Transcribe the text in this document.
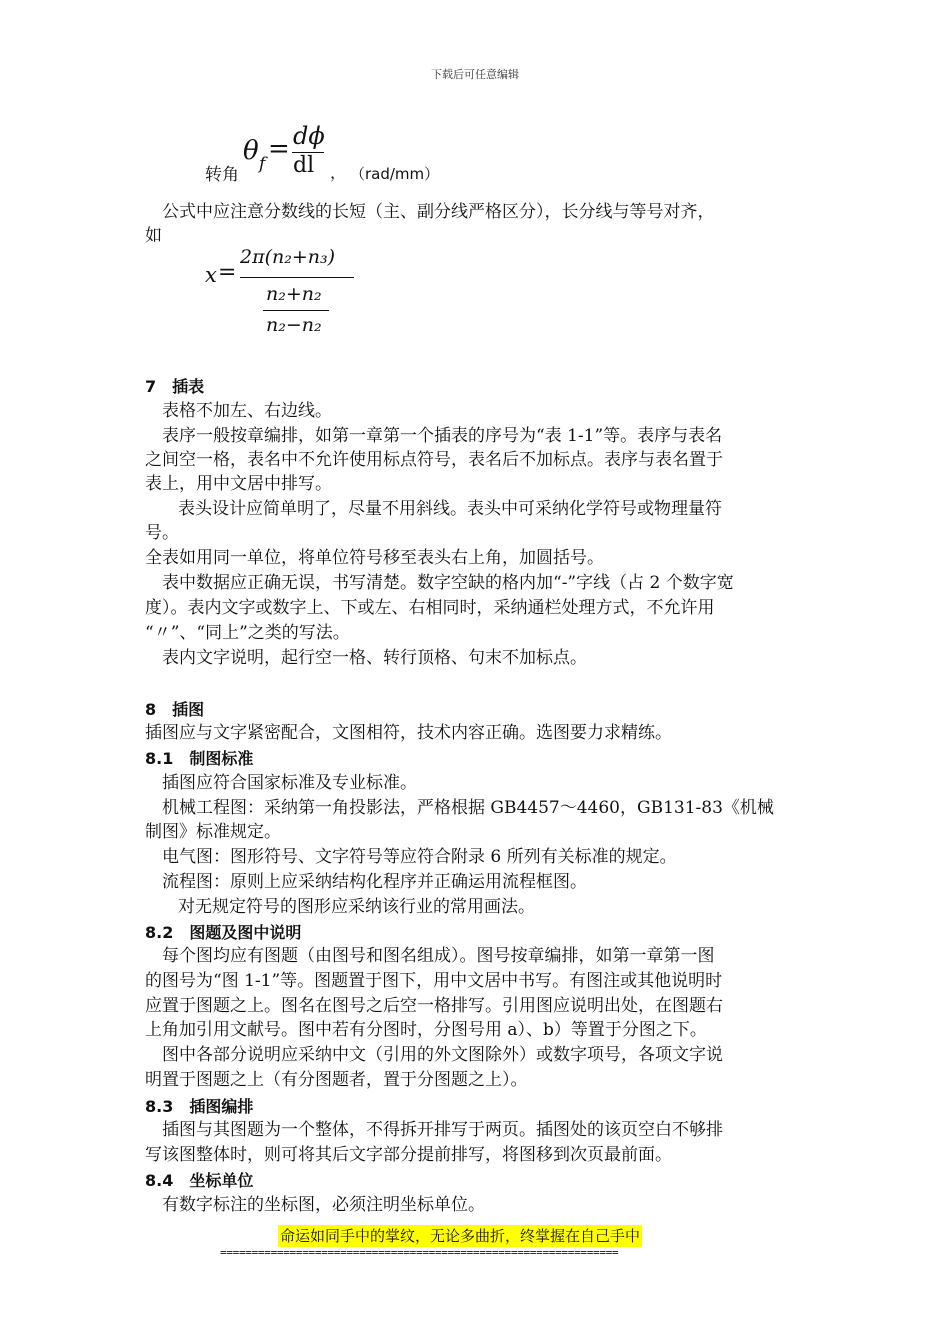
下载后可任意编辑
转角
θ f = dϕ
dl ， （rad/mm）
公式中应注意分数线的长短（主、副分线严格区分），长分线与等号对齐，
如
x =
2π(n₂+n₃)
n₂+n₂
n₂−n₂
7　插表
表格不加左、右边线。
表序一般按章编排，如第一章第一个插表的序号为“表 1-1”等。表序与表名
之间空一格，表名中不允许使用标点符号，表名后不加标点。表序与表名置于
表上，用中文居中排写。
表头设计应简单明了，尽量不用斜线。表头中可采纳化学符号或物理量符
号。
全表如用同一单位，将单位符号移至表头右上角，加圆括号。
表中数据应正确无误，书写清楚。数字空缺的格内加“-”字线（占 2 个数字宽
度）。表内文字或数字上、下或左、右相同时，采纳通栏处理方式，不允许用
“〃”、“同上”之类的写法。
表内文字说明，起行空一格、转行顶格、句末不加标点。
8　插图
插图应与文字紧密配合，文图相符，技术内容正确。选图要力求精练。
8.1　制图标准
插图应符合国家标准及专业标准。
机械工程图：采纳第一角投影法，严格根据 GB4457～4460，GB131-83《机械
制图》标准规定。
电气图：图形符号、文字符号等应符合附录 6 所列有关标准的规定。
流程图：原则上应采纳结构化程序并正确运用流程框图。
对无规定符号的图形应采纳该行业的常用画法。
8.2　图题及图中说明
每个图均应有图题（由图号和图名组成）。图号按章编排，如第一章第一图
的图号为“图 1-1”等。图题置于图下，用中文居中书写。有图注或其他说明时
应置于图题之上。图名在图号之后空一格排写。引用图应说明出处，在图题右
上角加引用文献号。图中若有分图时，分图号用 a）、b）等置于分图之下。
图中各部分说明应采纳中文（引用的外文图除外）或数字项号，各项文字说
明置于图题之上（有分图题者，置于分图题之上）。
8.3　插图编排
插图与其图题为一个整体，不得拆开排写于两页。插图处的该页空白不够排
写该图整体时，则可将其后文字部分提前排写，将图移到次页最前面。
8.4　坐标单位
有数字标注的坐标图，必须注明坐标单位。
命运如同手中的掌纹，无论多曲折，终掌握在自己手中
===============================================================
